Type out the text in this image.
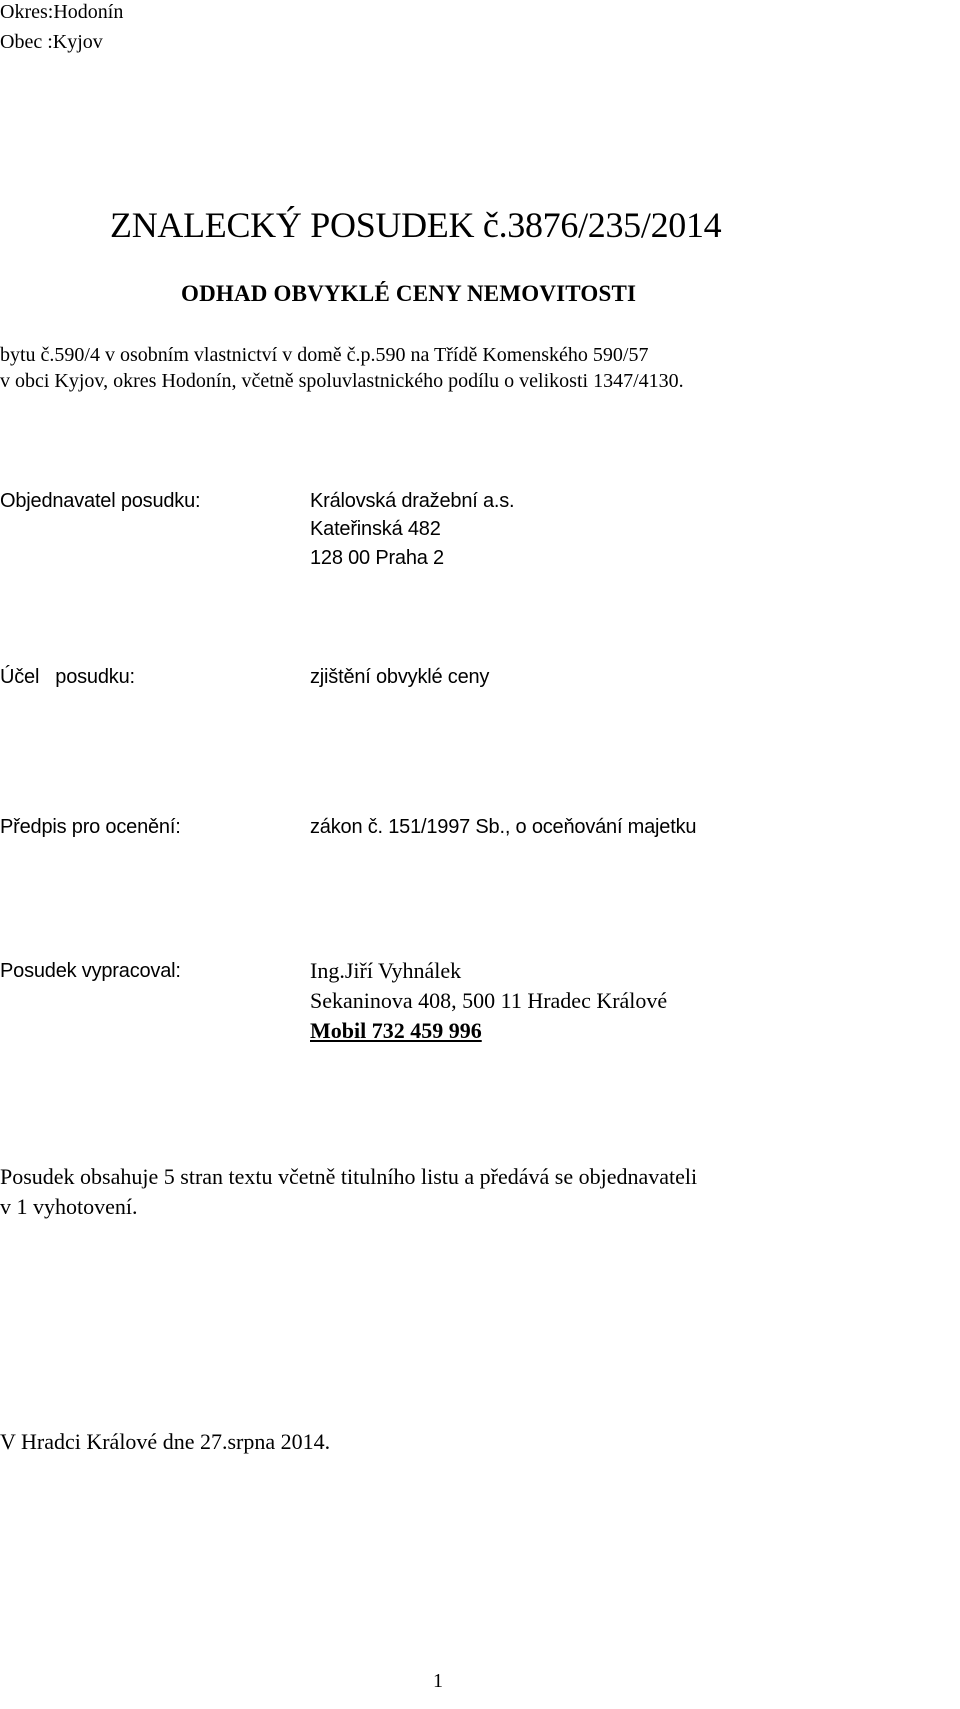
Okres:Hodonín
Obec :Kyjov
ZNALECKÝ POSUDEK č.3876/235/2014
ODHAD OBVYKLÉ CENY NEMOVITOSTI
bytu č.590/4 v osobním vlastnictví v domě č.p.590 na Třídě Komenského 590/57
v obci Kyjov, okres Hodonín, včetně spoluvlastnického podílu o velikosti 1347/4130.
Objednavatel posudku:	Královská dražební a.s.
Kateřinská 482
128 00 Praha 2
Účel   posudku:	zjištění obvyklé ceny
Předpis pro ocenění:	zákon č. 151/1997 Sb., o oceňování majetku
Posudek vypracoval:	Ing.Jiří Vyhnálek
Sekaninova 408, 500 11 Hradec Králové
Mobil 732 459 996
Posudek obsahuje 5 stran textu včetně titulního listu a předává se objednavateli
v 1 vyhotovení.
V Hradci Králové dne 27.srpna 2014.
1
